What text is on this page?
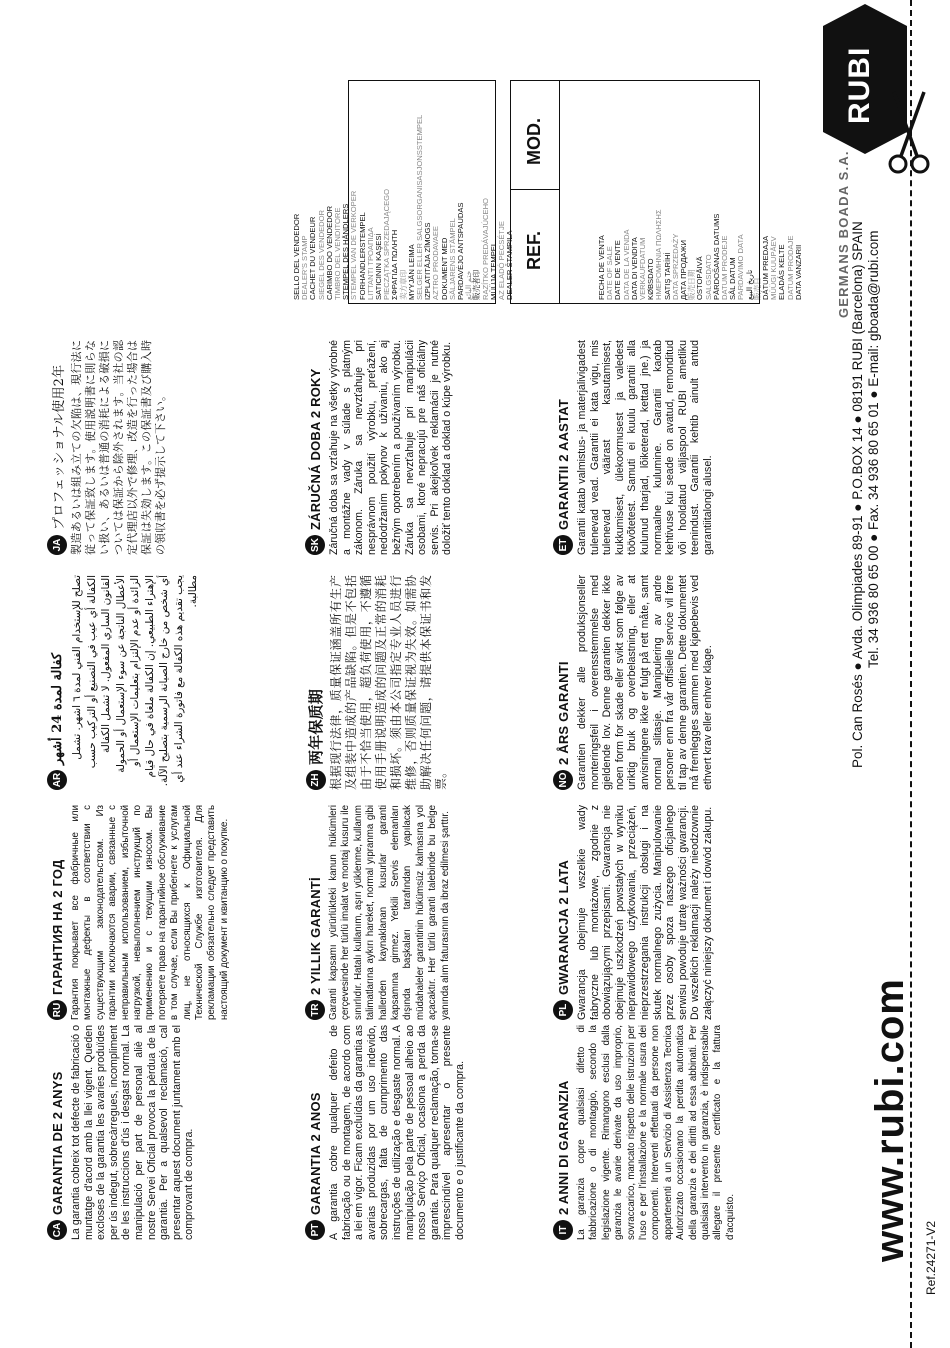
Ref.24271-V2
www.rubi.com
CA
GARANTIA DE 2 ANYS La garantia cobreix tot defecte de fabricació o muntatge d'acord amb la llei vigent. Queden excloses de la garantia les avaries produïdes per ús indegut, sobrecàrregues, incompliment de les instruccions d'ús i desgast normal. La manipulació per part de personal aliè al nostre Servei Oficial provoca la pèrdua de la garantia. Per a qualsevol reclamació, cal presentar aquest document juntament amb el comprovant de compra.	PT
GARANTIA 2 ANOS A garantia cobre qualquer defeito de fabricação ou de montagem, de acordo com a lei em vigor. Ficam excluídas da garantia as avarias produzidas por um uso indevido, sobrecargas, falta de cumprimento das instruções de utilização e desgaste normal. A manipulação pela parte de pessoal alheio ao nosso Serviço Oficial, ocasiona a perda da garantia. Para qualquer reclamação, torna-se imprescindível apresentar o presente documento e o justificante da compra.	IT
2 ANNI DI GARANZIA La garanzia copre qualsiasi difetto di fabbricazione o di montaggio, secondo la legislazione vigente. Rimangono esclusi dalla garanzia le avarie derivate da uso improprio, sovraccarico, mancato rispetto delle istruzioni per l'uso e per l'installazione e la normale usura dei componenti. Interventi effettuati da persone non appartenenti a un Servizio di Assistenza Tecnica Autorizzato occasionano la perdita automatica della garanzia e dei diritti ad essa abbinati. Per qualsiasi intervento in garanzia, è indispensabile allegare il presente certificato e la fattura d'acquisto.
RU
ГАРАНТИЯ НА 2 ГОД Гарантия покрывает все фабричные или монтажные дефекты в соответствии с существующим законодательством. Из гарантии исключаются аварии, связанные с неправильным использованием, избыточной нагрузкой, невыполнением инструкций по применению и с текущим износом. Вы потеряете право на гарантийное обслуживание в том случае, если Вы прибегнете к услугам лиц, не относящихся к Официальной Технической Службе изготовителя. Для рекламации обязательно следует представить настоящий документ и квитанцию о покупке.	TR
2 YILLIK GARANTİ Garanti kapsamı yürürlükteki kanun hükümleri çerçevesinde her türlü imalat ve montaj kusuru ile sınırlıdır. Hatalı kullanım, aşırı yüklenme, kullanım talimatlarına aykırı hareket, normal yıpranma gibi hallerden kaynaklanan kusurlar garanti kapsamına girmez. Yetkili Servis elemanları dışında başkaları tarafından yapılacak müdahaleler garantinin hükümsüz kalmasına yol açacaktır. Her türlü garanti talebinde bu belge yanında alım faturasının da ibraz edilmesi şarttır.	PL
GWARANCJA 2 LATA Gwarancja obejmuje wszelkie wady fabryczne lub montażowe, zgodnie z obowiązującymi przepisami. Gwarancja nie obejmuje uszkodzeń powstałych w wyniku nieprawidłowego użytkowania, przeciążeń, nieprzestrzegania instrukcji obsługi i na skutek normalnego zużycia. Manipulowanie przez osoby spoza naszego oficjalnego serwisu powoduje utratę ważności gwarancji. Do wszelkich reklamacji należy nieodzownie załączyć niniejszy dokument i dowód zakupu.
AR
كفالة لمدة 24 أشهر
تصلح للإستخدام الفني لمدة ٦ اشهر. تشمل الكفالة أي عيب في التصنيع أو التركيب حسب القانون الساري المفعول. لا تشمل الكفالة الأعطال الناتجة عن سوء الإستعمال أو الحمولة الزائدة أو عدم الإلتزام بتعليمات الإستعمال أو الإهتراء الطبيعي. إن الكفالة ملغاة في حال قيام أي شخص من خارج الصيانة الرسمية بتصليح الآلة. يجب تقديم هذه الكفالة مع فاتورة الشراء عند أي مطالبة.
ZH
两年保质期 根据现行法律，质量保证涵盖所有生产及组装中造成的产品缺陷。但是不包括由于不恰当使用，超负荷使用，不遵循使用手册说明造成的问题及正常的消耗和损坏。须由本公司指定专业人员进行维修，否则质量保证视为失效。如需协助解决任何问题，请提供本保证书和发票。	NO
2 ÅRS GARANTI Garantien dekker alle produksjonseller monteringsfeil i overensstemmelse med gjeldende lov. Denne garantien dekker ikke noen form for skade eller svikt som følge av uriktig bruk og overbelastning, eller at anvisningene ikke er fulgt på rett måte, samt normal slitasje. Manipulering av andre personer enn fra vår offisielle service vil føre til tap av denne garantien. Dette dokumentet må fremlegges sammen med kjøpebevis ved ethvert krav eller enhver klage.
JA
プロフェッショナル使用2年 製造あるいは組み立ての欠陥は、現行法に従って保証致します。使用説明書に則らない扱い、あるいは普通の消耗による破損については保証から除外されます。当社の認定代理店以外で修理、改造を行った場合は保証は失効します。この保証書及び購入時の領収書を必ず提示して下さい。	SK
ZÁRUČNÁ DOBA 2 ROKY Záručná doba sa vzťahuje na všetky výrobné a montážne vady v súlade s platným zákonom. Záruka sa nevzťahuje pri nesprávnom použití výrobku, preťažení, nedodržaním pokynov k užívaniu, ako aj bežným opotrebením a používaním výrobku. Záruka sa nevzťahuje pri manipulácii osobami, ktoré nepracujú pre náš oficiálny servis. Pri akejkoľvek reklamácii je nutné doložiť tento doklad a doklad o kúpe výrobku.	ET
GARANTII 2 AASTAT Garantii katab valmistus- ja materjalivigadest tulenevad vead. Garantii ei kata vigu, mis tulenevad väärast kasutamisest, kukkumisest, ülekoormusest ja valedest töövõtetest. Samuti ei kuulu garantii alla kulunud tharjad, lõiketerad, kettad jne.) ja normaalne kulumine. Garantii kaotab kehtivuse kui seade on avatud, remonditud või hooldatud väljaspool RUBI ametliku teenindust. Garantii kehtib ainult antud garantiitalongi alusel.
SELLO DEL VENDEDOR DEALER'S STAMP CACHET DU VENDEUR SIEGEL DES VENDEDOR CARIMBO DO VENDEDOR TIMBRO DEL VENDITORE STEMPEL DES HÄNDLERS STEMPEL VAN DE VERKOPER FORHANDLERSTEMPEL LITTANTI TPOAΠΙΔΑ SATICININ KAŞESİ PIECZĄTKA SPRZEDAJĄCEGO ΣΦΡΑΓΙΔΑ ΠΩΛΗΤΗ 卖方章印 MYYJÄN LEIMA SELGER ELLER SALGSORGANISASJONSSTEMPEL IZPLATITĀJA ZĪMOGS AZTRO PRODAVAEE DOKUMENT MED SÄLJARENS STÄMPEL PARDAVĖJO ANTSPAUDAS ختم البائع 販売者印 RAZÍTKO PREDÁVAJÚCEHO MÜÜJA TEMPEL AZ ELADÓ PECSÉTJE DEALER ŠTAMPILA	FECHA DE VENTA DATE OF SALE DATE DE VENTE DATA DE LA VENDA DATA DI VENDITA VERKAUFDATUM KØBSDATO ΗΜΕΡΟΜΗΝΙΑ ΠΩΛΗΣΗΣ SATIŞ TARİHİ DATA SPRZEDAŻY ДАТА ПРОДАЖИ 販売日期 OSTOPÄIVÄ SALGSDATO PĀRDOŠANAS DATUMS DATUM PRODEJE SÅL DATUM PARDAVIMO DATA تاريخ البيع 販売日 DÁTUM PREDAJA MÜÜGI KUUPÄEV ELADÁS KELTE DATUM PRODAJE DATA VANZARII
REF.
MOD.
GERMANS BOADA S.A. Pol. Can Rosés ● Avda. Olimpiades 89-91 ● P.O.BOX 14 ● 08191 RUBI (Barcelona) SPAIN Tel. 34 936 80 65 00 ● Fax. 34 936 80 65 01 ● E-mail: gboada@rubi.com
RUBI
